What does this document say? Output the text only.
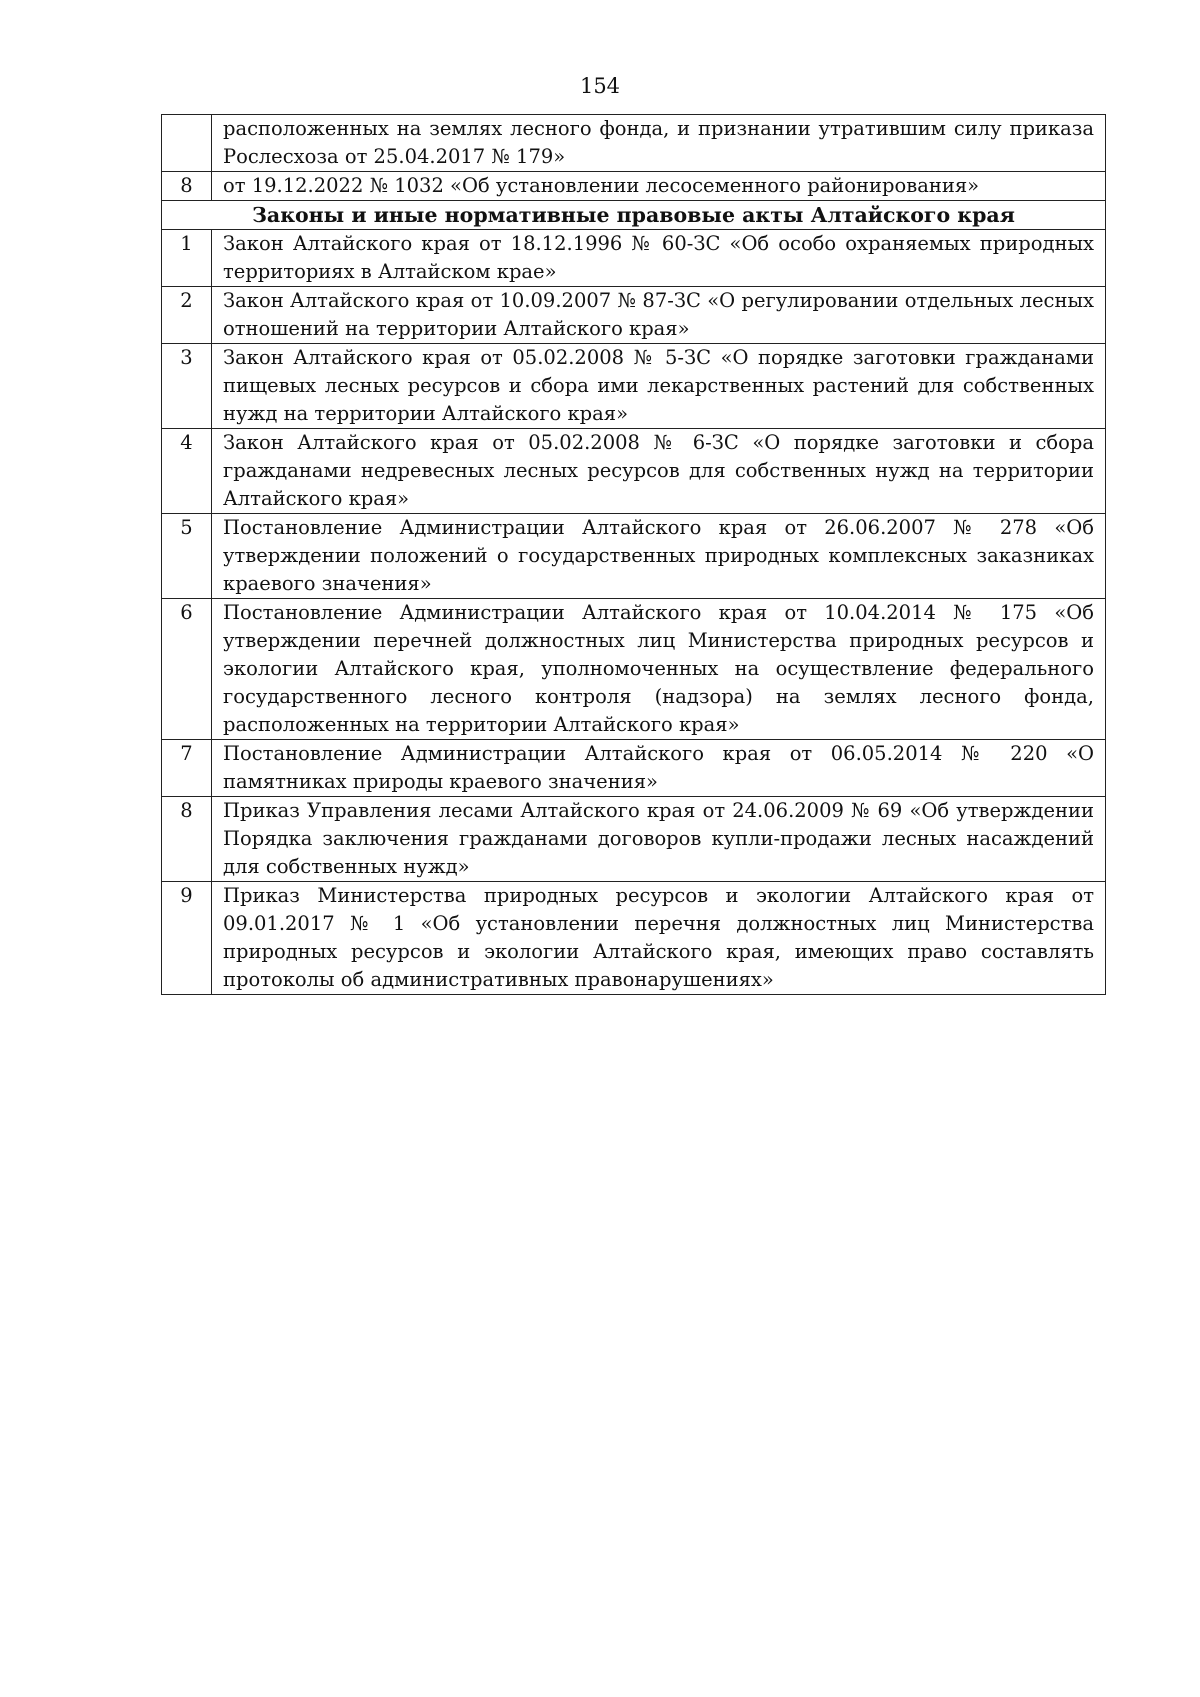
154
	расположенных на землях лесного фонда, и признании утратившим силу приказа Рослесхоза от 25.04.2017 № 179»
8	от 19.12.2022 № 1032 «Об установлении лесосеменного районирования»
Законы и иные нормативные правовые акты Алтайского края	
1	Закон Алтайского края от 18.12.1996 № 60-ЗС «Об особо охраняемых природных территориях в Алтайском крае»
2	Закон Алтайского края от 10.09.2007 № 87-ЗС «О регулировании отдельных лесных отношений на территории Алтайского края»
3	Закон Алтайского края от 05.02.2008 № 5-ЗС «О порядке заготовки гражданами пищевых лесных ресурсов и сбора ими лекарственных растений для собственных нужд на территории Алтайского края»
4	Закон Алтайского края от 05.02.2008 № 6-ЗС «О порядке заготовки и сбора гражданами недревесных лесных ресурсов для собственных нужд на территории Алтайского края»
5	Постановление Администрации Алтайского края от 26.06.2007 № 278 «Об утверждении положений о государственных природных комплексных заказниках краевого значения»
6	Постановление Администрации Алтайского края от 10.04.2014 № 175 «Об утверждении перечней должностных лиц Министерства природных ресурсов и экологии Алтайского края, уполномоченных на осуществление федерального государственного лесного контроля (надзора) на землях лесного фонда, расположенных на территории Алтайского края»
7	Постановление Администрации Алтайского края от 06.05.2014 № 220 «О памятниках природы краевого значения»
8	Приказ Управления лесами Алтайского края от 24.06.2009 № 69 «Об утверждении Порядка заключения гражданами договоров купли-продажи лесных насаждений для собственных нужд»
9	Приказ Министерства природных ресурсов и экологии Алтайского края от 09.01.2017 № 1 «Об установлении перечня должностных лиц Министерства природных ресурсов и экологии Алтайского края, имеющих право составлять протоколы об административных правонарушениях»
